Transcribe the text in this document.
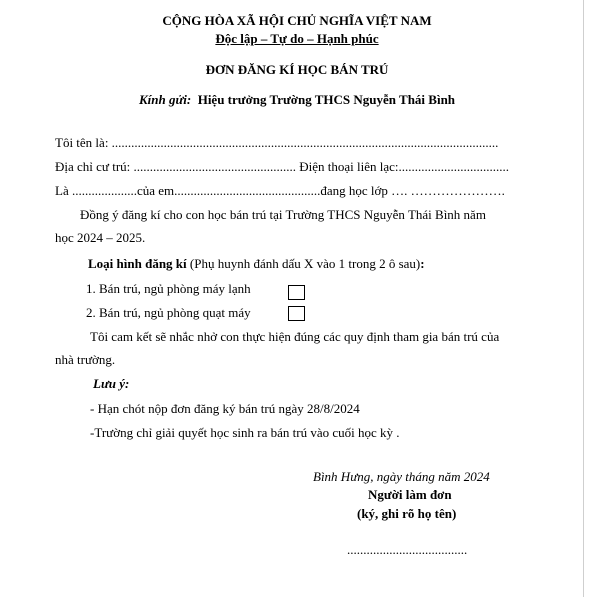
CỘNG HÒA XÃ HỘI CHỦ NGHĨA VIỆT NAM
Độc lập – Tự do – Hạnh phúc
ĐƠN ĐĂNG KÍ HỌC BÁN TRÚ
Kính gửi: Hiệu trưởng Trường THCS Nguyễn Thái Bình
Tôi tên là: .......................................................................................................................
Địa chỉ cư trú: .................................................. Điện thoại liên lạc:..................................
Là ....................của em.............................................đang học lớp …. ………………….
Đồng ý đăng kí cho con học bán trú tại Trường THCS Nguyễn Thái Bình năm
học 2024 – 2025.
Loại hình đăng kí (Phụ huynh đánh dấu X vào 1 trong 2 ô sau):
1. Bán trú, ngủ phòng máy lạnh
2. Bán trú, ngủ phòng quạt máy
Tôi cam kết sẽ nhắc nhở con thực hiện đúng các quy định tham gia bán trú của
nhà trường.
Lưu ý:
- Hạn chót nộp đơn đăng ký bán trú ngày 28/8/2024
-Trường chỉ giải quyết học sinh ra bán trú vào cuối học kỳ .
Bình Hưng, ngày tháng năm 2024
Người làm đơn
(ký, ghi rõ họ tên)
.....................................
